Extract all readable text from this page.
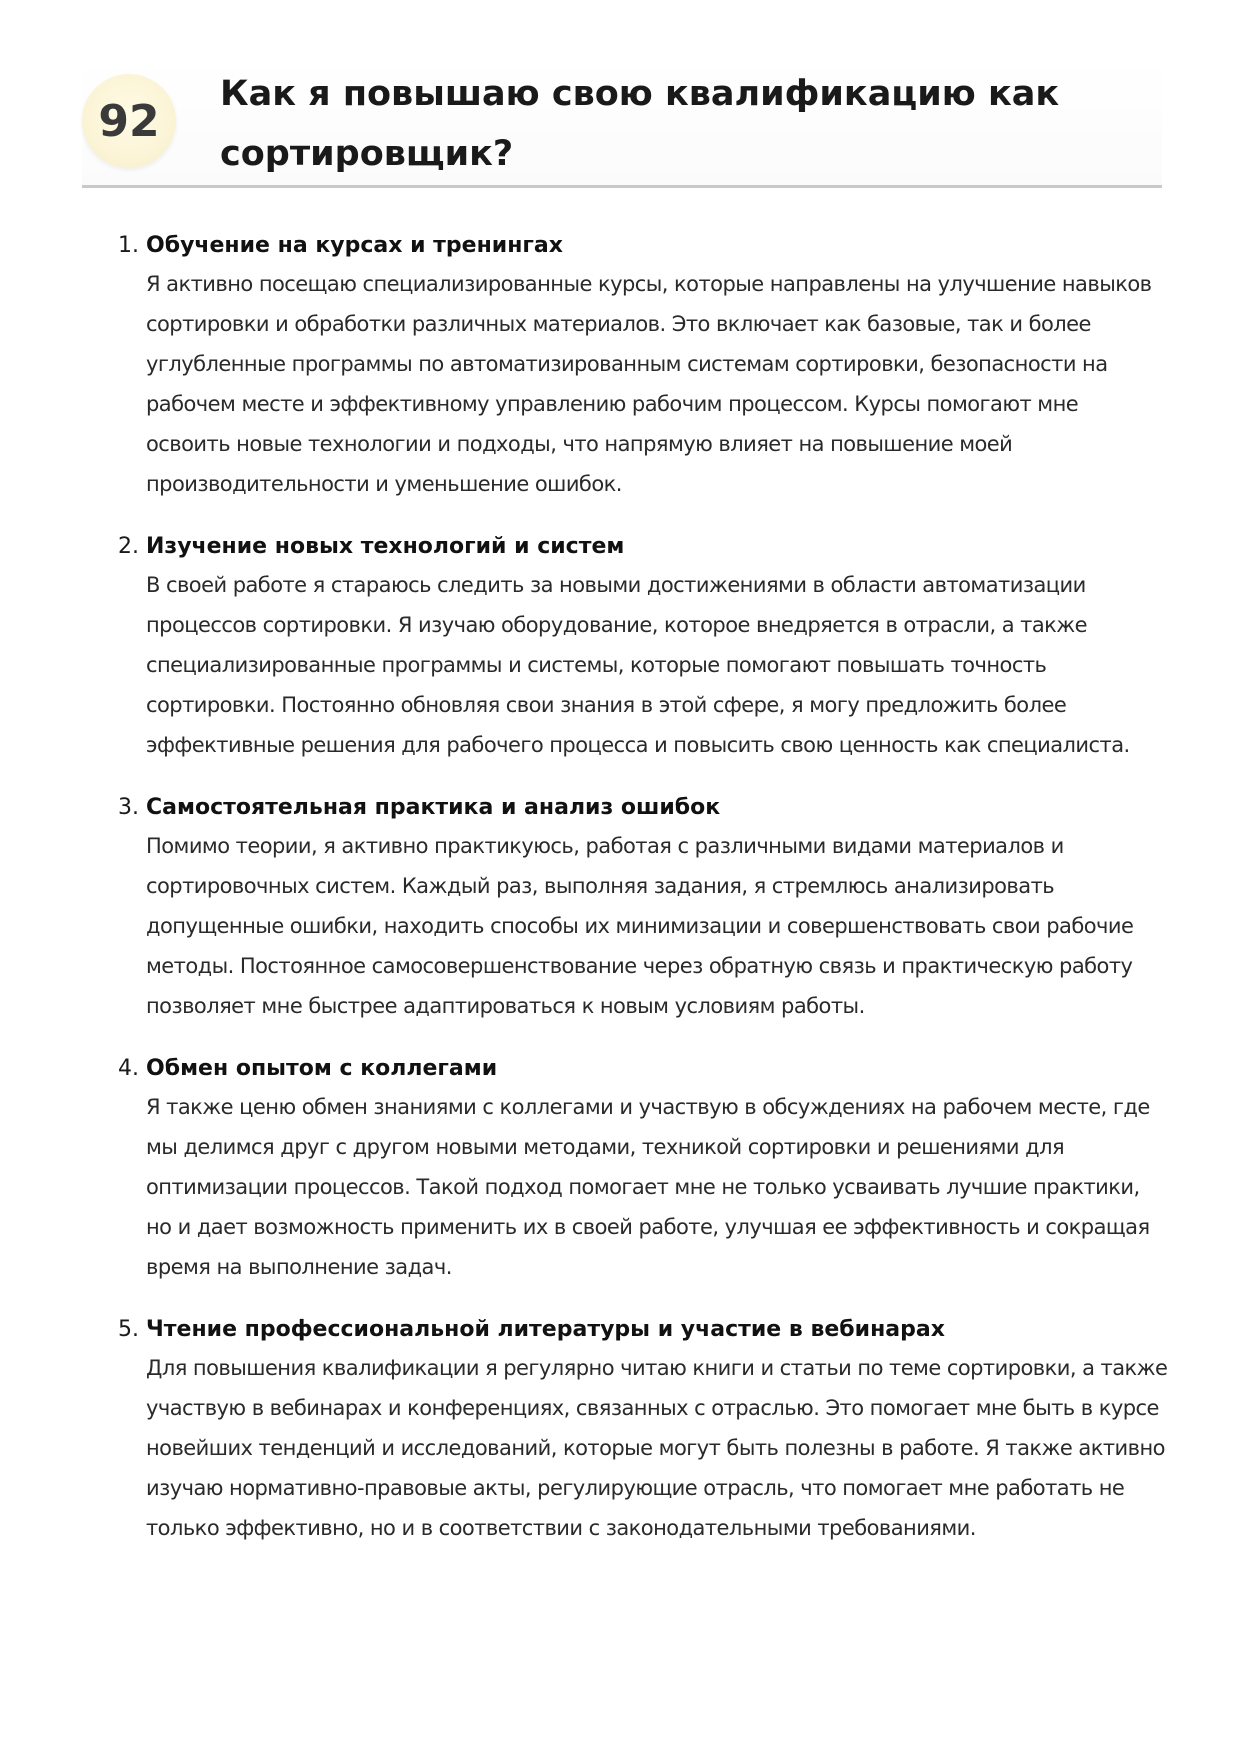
92
Как я повышаю свою квалификацию как сортировщик?
1. Обучение на курсах и тренингах

Я активно посещаю специализированные курсы, которые направлены на улучшение навыков сортировки и обработки различных материалов. Это включает как базовые, так и более углубленные программы по автоматизированным системам сортировки, безопасности на рабочем месте и эффективному управлению рабочим процессом. Курсы помогают мне освоить новые технологии и подходы, что напрямую влияет на повышение моей производительности и уменьшение ошибок.

2. Изучение новых технологий и систем

В своей работе я стараюсь следить за новыми достижениями в области автоматизации процессов сортировки. Я изучаю оборудование, которое внедряется в отрасли, а также специализированные программы и системы, которые помогают повышать точность сортировки. Постоянно обновляя свои знания в этой сфере, я могу предложить более эффективные решения для рабочего процесса и повысить свою ценность как специалиста.

3. Самостоятельная практика и анализ ошибок

Помимо теории, я активно практикуюсь, работая с различными видами материалов и сортировочных систем. Каждый раз, выполняя задания, я стремлюсь анализировать допущенные ошибки, находить способы их минимизации и совершенствовать свои рабочие методы. Постоянное самосовершенствование через обратную связь и практическую работу позволяет мне быстрее адаптироваться к новым условиям работы.

4. Обмен опытом с коллегами

Я также ценю обмен знаниями с коллегами и участвую в обсуждениях на рабочем месте, где мы делимся друг с другом новыми методами, техникой сортировки и решениями для оптимизации процессов. Такой подход помогает мне не только усваивать лучшие практики, но и дает возможность применить их в своей работе, улучшая ее эффективность и сокращая время на выполнение задач.

5. Чтение профессиональной литературы и участие в вебинарах

Для повышения квалификации я регулярно читаю книги и статьи по теме сортировки, а также участвую в вебинарах и конференциях, связанных с отраслью. Это помогает мне быть в курсе новейших тенденций и исследований, которые могут быть полезны в работе. Я также активно изучаю нормативно-правовые акты, регулирующие отрасль, что помогает мне работать не только эффективно, но и в соответствии с законодательными требованиями.
